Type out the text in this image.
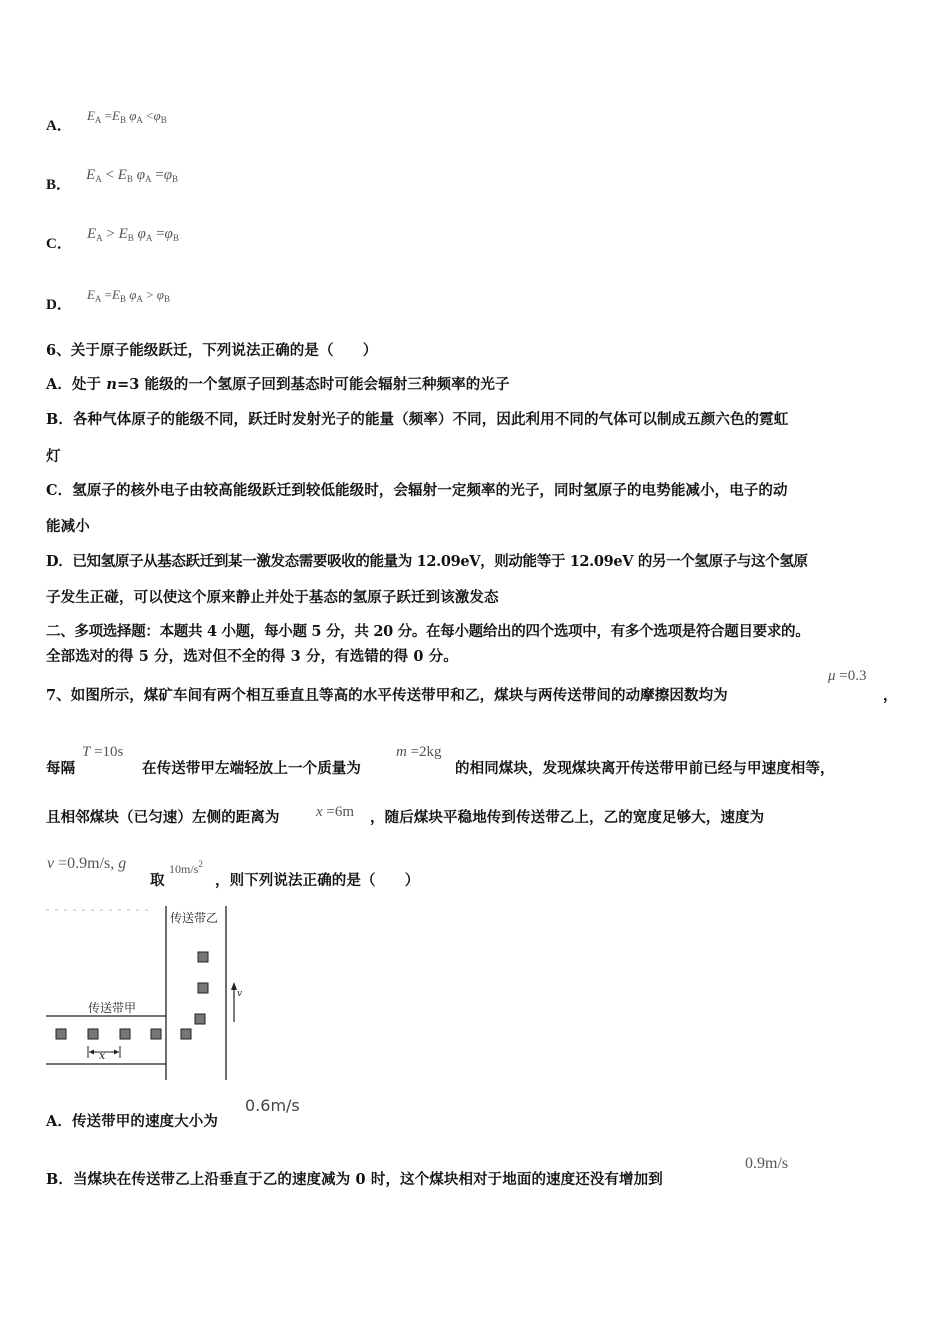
A． $E_A =E_B$ $\varphi_A <\varphi_B$
B． $E_A < E_B$ $\varphi_A =\varphi_B$
C． $E_A > E_B$ $\varphi_A =\varphi_B$
D． $E_A =E_B$ $\varphi_A > \varphi_B$
6、关于原子能级跃迁，下列说法正确的是（　　）
A．处于 n=3 能级的一个氢原子回到基态时可能会辐射三种频率的光子
B．各种气体原子的能级不同，跃迁时发射光子的能量（频率）不同，因此利用不同的气体可以制成五颜六色的霓虹
灯
C．氢原子的核外电子由较高能级跃迁到较低能级时，会辐射一定频率的光子，同时氢原子的电势能减小，电子的动
能减小
D．已知氢原子从基态跃迁到某一激发态需要吸收的能量为 12.09eV，则动能等于 12.09eV 的另一个氢原子与这个氢原
子发生正碰，可以使这个原来静止并处于基态的氢原子跃迁到该激发态
二、多项选择题：本题共 4 小题，每小题 5 分，共 20 分。在每小题给出的四个选项中，有多个选项是符合题目要求的。
全部选对的得 5 分，选对但不全的得 3 分，有选错的得 0 分。
7、如图所示，煤矿车间有两个相互垂直且等高的水平传送带甲和乙，煤块与两传送带间的动摩擦因数均为
μ =0.3
，
每隔
T =10s
在传送带甲左端轻放上一个质量为
m =2kg
的相同煤块，发现煤块离开传送带甲前已经与甲速度相等，
且相邻煤块（已匀速）左侧的距离为 x =6m ，随后煤块平稳地传到传送带乙上，乙的宽度足够大，速度为
v =0.9m/s, g
取
$10m/s^2$
，则下列说法正确的是（　　）
传送带乙
传送带甲
x
v
A．传送带甲的速度大小为
0.6m/s
B．当煤块在传送带乙上沿垂直于乙的速度减为 0 时，这个煤块相对于地面的速度还没有增加到
0.9m/s
